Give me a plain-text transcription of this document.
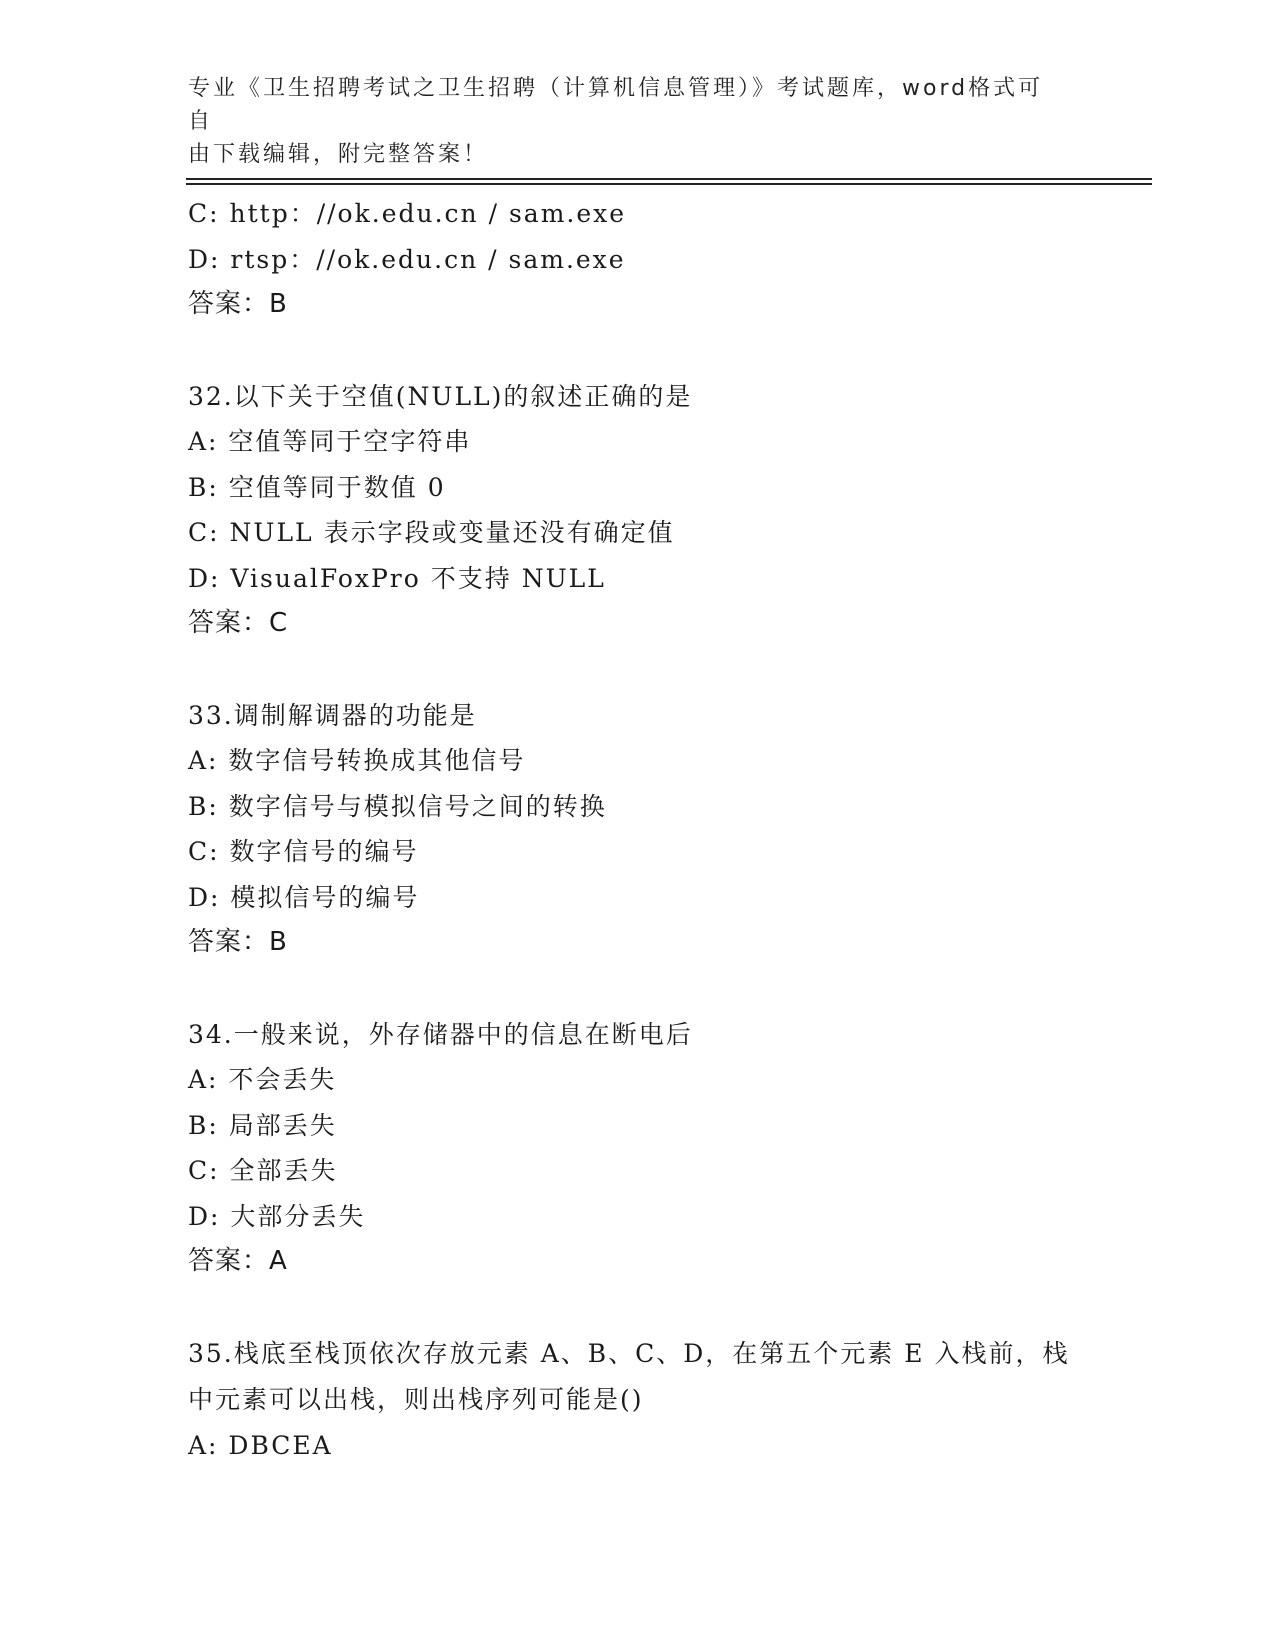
专业《卫生招聘考试之卫生招聘（计算机信息管理）》考试题库，word格式可自
由下载编辑，附完整答案！
C: http：//ok.edu.cn / sam.exe
D: rtsp：//ok.edu.cn / sam.exe
答案：B
32.以下关于空值(NULL)的叙述正确的是
A: 空值等同于空字符串
B: 空值等同于数值 0
C: NULL 表示字段或变量还没有确定值
D: VisualFoxPro 不支持 NULL
答案：C
33.调制解调器的功能是
A: 数字信号转换成其他信号
B: 数字信号与模拟信号之间的转换
C: 数字信号的编号
D: 模拟信号的编号
答案：B
34.一般来说，外存储器中的信息在断电后
A: 不会丢失
B: 局部丢失
C: 全部丢失
D: 大部分丢失
答案：A
35.栈底至栈顶依次存放元素 A、B、C、D，在第五个元素 E 入栈前，栈中元素可以出栈，则出栈序列可能是()
A: DBCEA
